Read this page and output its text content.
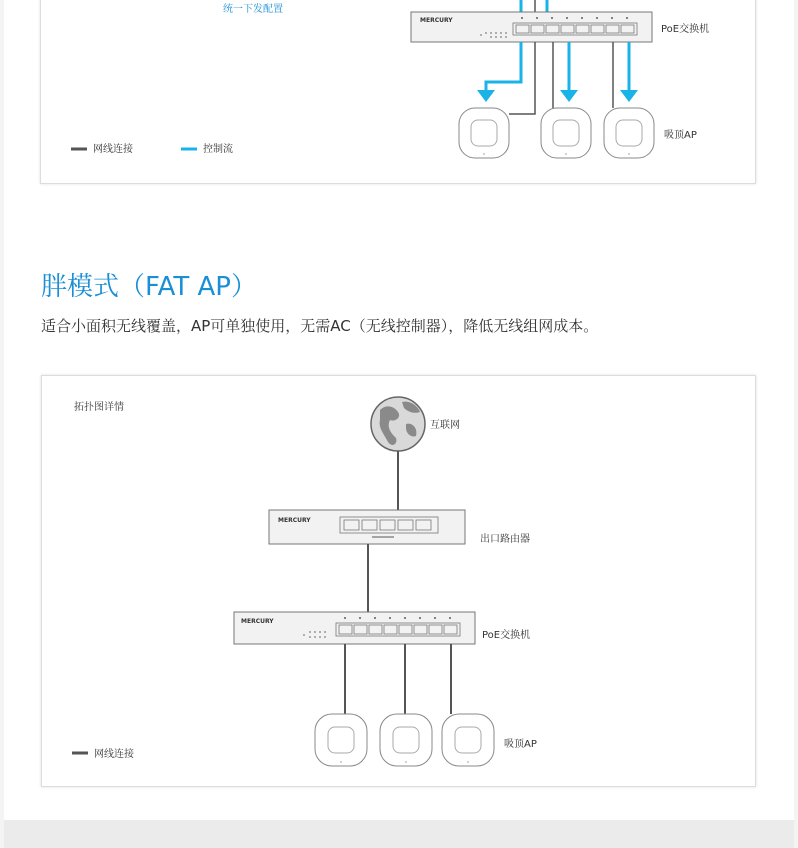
统一下发配置
MERCURY
PoE交换机
吸顶AP
网线连接	控制流
胖模式（FAT AP）

适合小面积无线覆盖，AP可单独使用，无需AC（无线控制器），降低无线组网成本。

拓扑图详情
互联网
MERCURY
出口路由器
MERCURY
PoE交换机
吸顶AP
网线连接
